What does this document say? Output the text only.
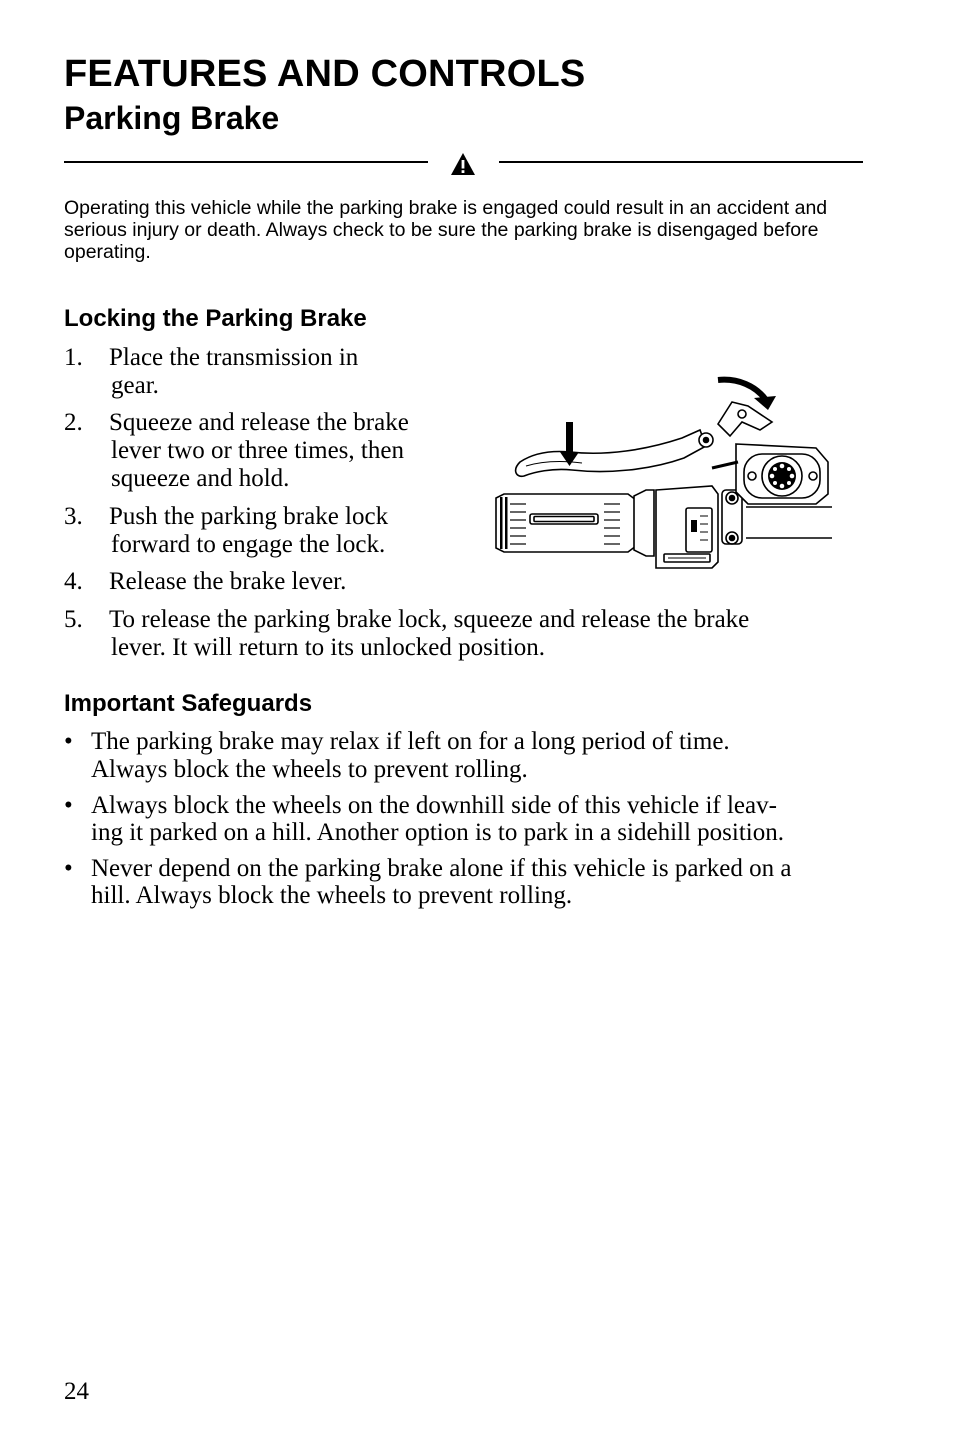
FEATURES AND CONTROLS
Parking Brake

Operating this vehicle while the parking brake is engaged could result in an accident and serious injury or death. Always check to be sure the parking brake is disengaged before operating.

Locking the Parking Brake
1. Place the transmission in
gear.
2. Squeeze and release the brake
lever two or three times, then
squeeze and hold.
3. Push the parking brake lock
forward to engage the lock.
4. Release the brake lever.
5. To release the parking brake lock, squeeze and release the brake
lever. It will return to its unlocked position.
Important Safeguards
• The parking brake may relax if left on for a long period of time.
Always block the wheels to prevent rolling.
• Always block the wheels on the downhill side of this vehicle if leav-
ing it parked on a hill. Another option is to park in a sidehill position.
• Never depend on the parking brake alone if this vehicle is parked on a
hill. Always block the wheels to prevent rolling.
24
